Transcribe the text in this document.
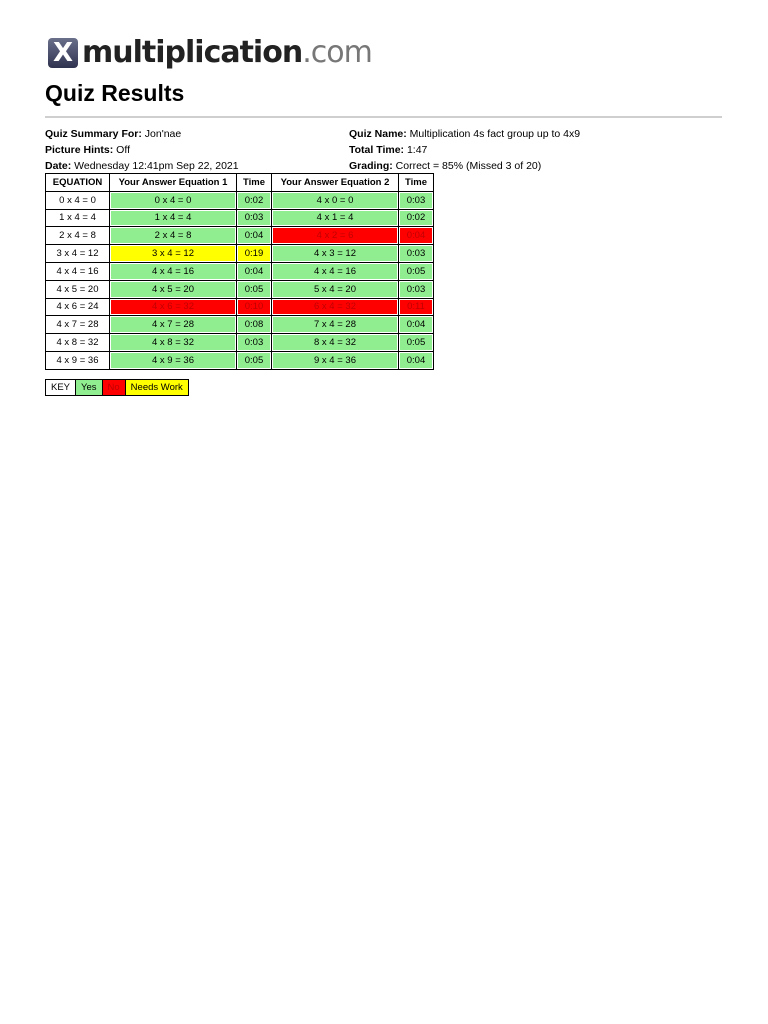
X multiplication.com
Quiz Results
Quiz Summary For: Jon'nae	Quiz Name: Multiplication 4s fact group up to 4x9
Picture Hints: Off	Total Time: 1:47
Date: Wednesday 12:41pm Sep 22, 2021	Grading: Correct = 85% (Missed 3 of 20)
EQUATION	Your Answer Equation 1	Time	Your Answer Equation 2	Time
0 x 4 = 0	0 x 4 = 0	0:02	4 x 0 = 0	0:03
1 x 4 = 4	1 x 4 = 4	0:03	4 x 1 = 4	0:02
2 x 4 = 8	2 x 4 = 8	0:04	4 x 2 = 6	0:04
3 x 4 = 12	3 x 4 = 12	0:19	4 x 3 = 12	0:03
4 x 4 = 16	4 x 4 = 16	0:04	4 x 4 = 16	0:05
4 x 5 = 20	4 x 5 = 20	0:05	5 x 4 = 20	0:03
4 x 6 = 24	4 x 6 = 32	0:10	6 x 4 = 32	0:11
4 x 7 = 28	4 x 7 = 28	0:08	7 x 4 = 28	0:04
4 x 8 = 32	4 x 8 = 32	0:03	8 x 4 = 32	0:05
4 x 9 = 36	4 x 9 = 36	0:05	9 x 4 = 36	0:04
KEY	Yes	No	Needs Work
